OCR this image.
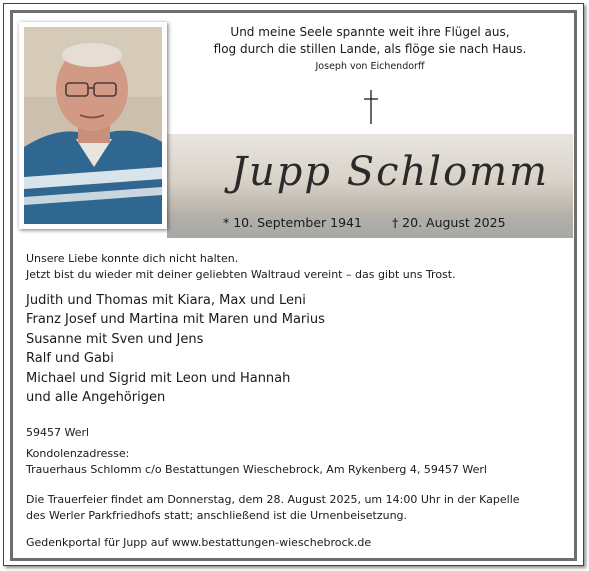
Und meine Seele spannte weit ihre Flügel aus,
flog durch die stillen Lande, als flöge sie nach Haus.
Joseph von Eichendorff
Jupp Schlomm
* 10. September 1941 † 20. August 2025
Unsere Liebe konnte dich nicht halten.
Jetzt bist du wieder mit deiner geliebten Waltraud vereint – das gibt uns Trost.
Judith und Thomas mit Kiara, Max und Leni
Franz Josef und Martina mit Maren und Marius
Susanne mit Sven und Jens
Ralf und Gabi
Michael und Sigrid mit Leon und Hannah
und alle Angehörigen
59457 Werl
Kondolenzadresse:
Trauerhaus Schlomm c/o Bestattungen Wieschebrock, Am Rykenberg 4, 59457 Werl
Die Trauerfeier findet am Donnerstag, dem 28. August 2025, um 14:00 Uhr in der Kapelle
des Werler Parkfriedhofs statt; anschließend ist die Urnenbeisetzung.
Gedenkportal für Jupp auf www.bestattungen-wieschebrock.de
